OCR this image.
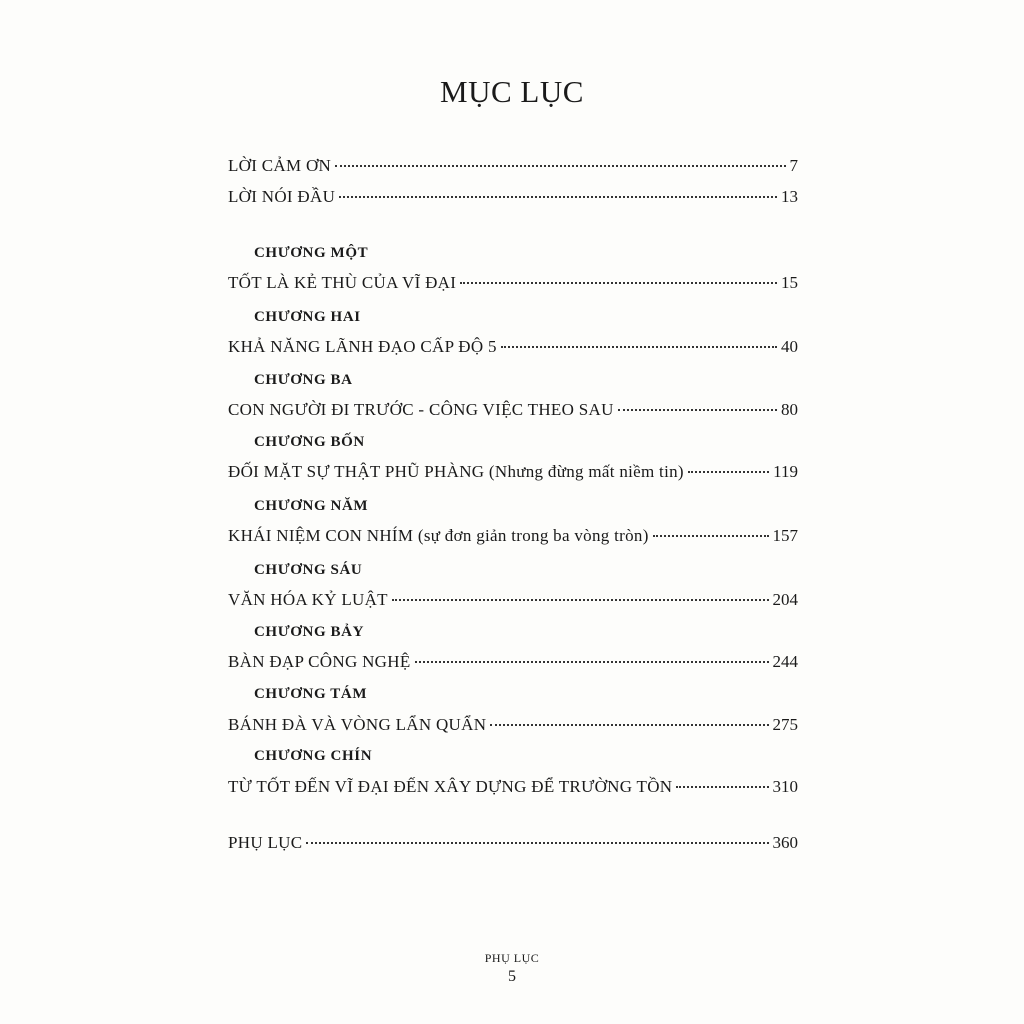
MỤC LỤC
LỜI CẢM ƠN	7
LỜI NÓI ĐẦU	13
CHƯƠNG MỘT
TỐT LÀ KẺ THÙ CỦA VĨ ĐẠI	15
CHƯƠNG HAI
KHẢ NĂNG LÃNH ĐẠO CẤP ĐỘ 5	40
CHƯƠNG BA
CON NGƯỜI ĐI TRƯỚC - CÔNG VIỆC THEO SAU	80
CHƯƠNG BỐN
ĐỐI MẶT SỰ THẬT PHŨ PHÀNG (Nhưng đừng mất niềm tin)	119
CHƯƠNG NĂM
KHÁI NIỆM CON NHÍM (sự đơn giản trong ba vòng tròn)	157
CHƯƠNG SÁU
VĂN HÓA KỶ LUẬT	204
CHƯƠNG BẢY
BÀN ĐẠP CÔNG NGHỆ	244
CHƯƠNG TÁM
BÁNH ĐÀ VÀ VÒNG LẨN QUẨN	275
CHƯƠNG CHÍN
TỪ TỐT ĐẾN VĨ ĐẠI ĐẾN XÂY DỰNG ĐỂ TRƯỜNG TỒN	310
PHỤ LỤC	360
PHỤ LỤC
5
